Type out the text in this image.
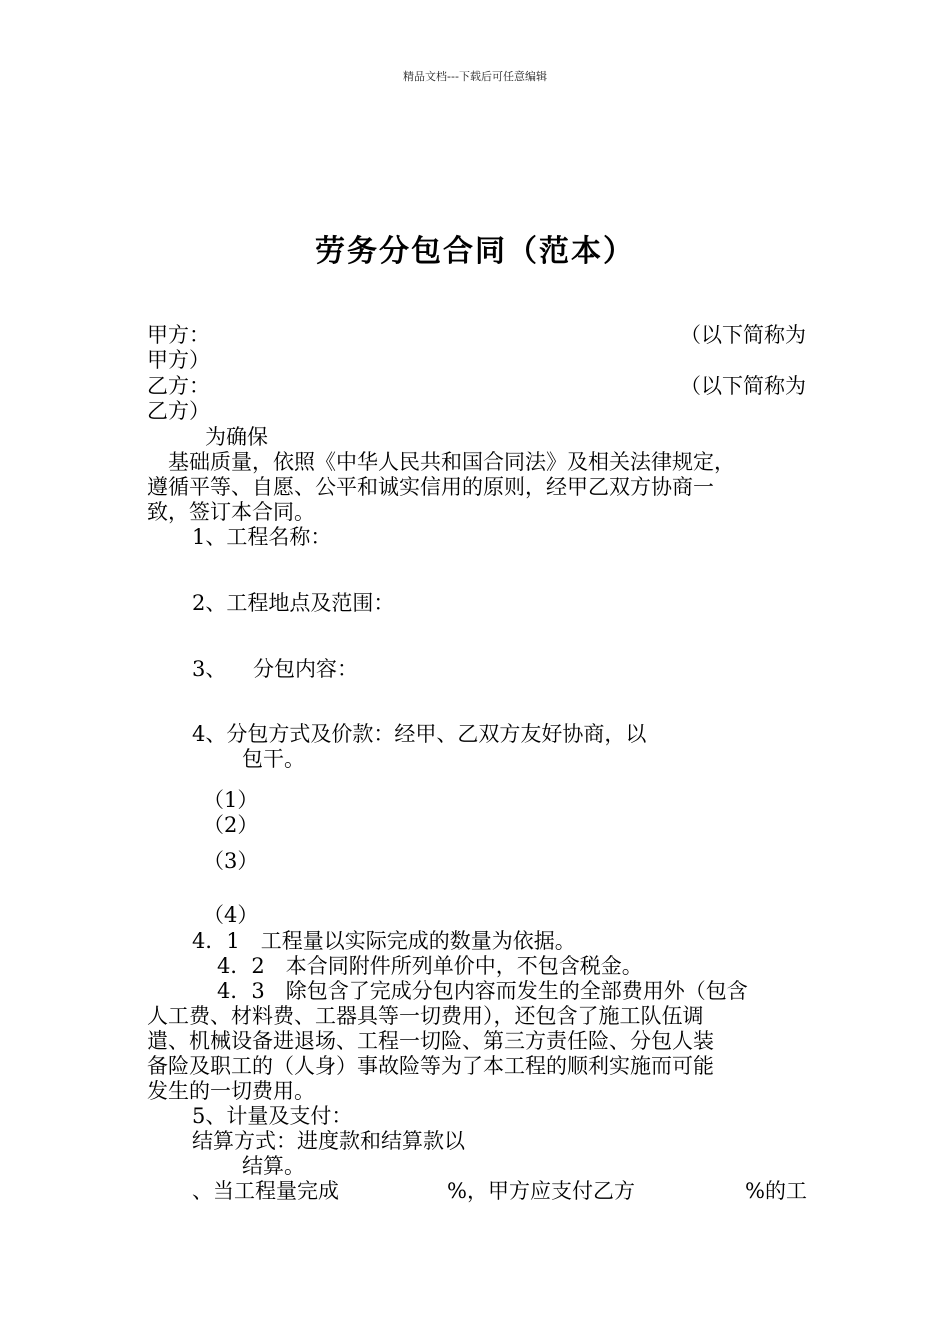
精品文档---下载后可任意编辑
劳务分包合同（范本）
甲方：	（以下简称为
甲方）
乙方：	（以下简称为
乙方）
为确保
基础质量，依照《中华人民共和国合同法》及相关法律规定，
遵循平等、自愿、公平和诚实信用的原则，经甲乙双方协商一
致，签订本合同。
1、工程名称：
2、工程地点及范围：
3、 分包内容：
4、分包方式及价款：经甲、乙双方友好协商，以
包干。
（1）
（2）
（3）
（4）
4．1　工程量以实际完成的数量为依据。
4．2　本合同附件所列单价中，不包含税金。
4．3　除包含了完成分包内容而发生的全部费用外（包含
人工费、材料费、工器具等一切费用），还包含了施工队伍调
遣、机械设备进退场、工程一切险、第三方责任险、分包人装
备险及职工的（人身）事故险等为了本工程的顺利实施而可能
发生的一切费用。
5、计量及支付：
结算方式：进度款和结算款以
结算。
、当工程量完成	%，甲方应支付乙方	%的工
